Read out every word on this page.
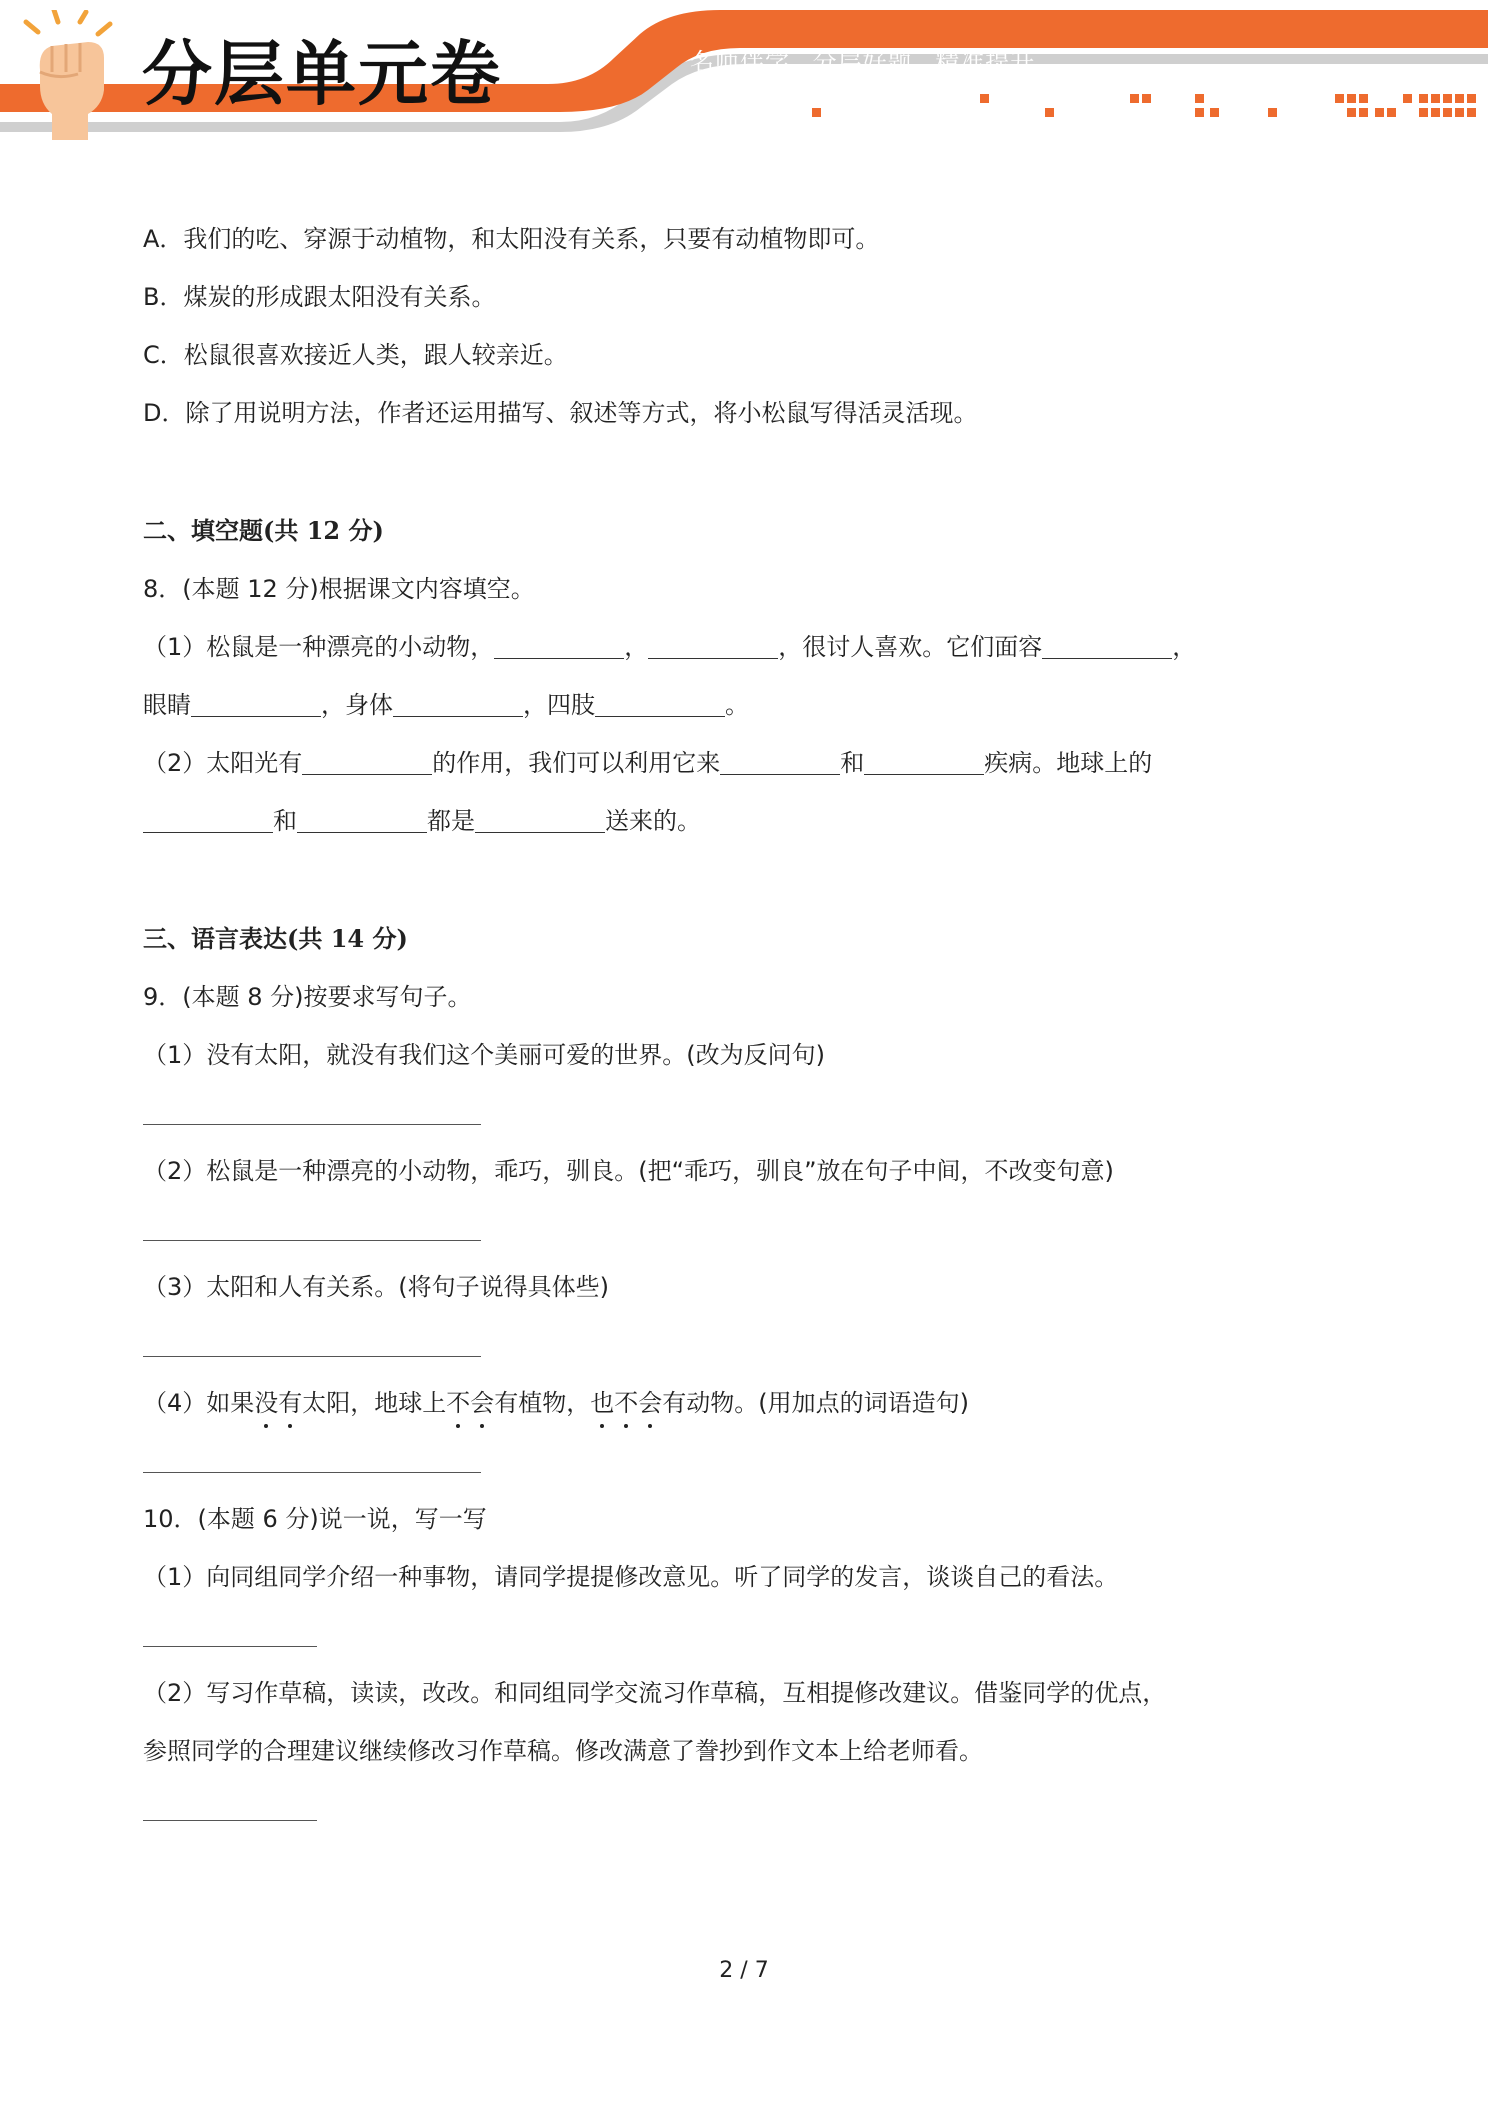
分层单元卷	名师伴学 分层好题 精准提升
A．我们的吃、穿源于动植物，和太阳没有关系，只要有动植物即可。
B．煤炭的形成跟太阳没有关系。
C．松鼠很喜欢接近人类，跟人较亲近。
D．除了用说明方法，作者还运用描写、叙述等方式，将小松鼠写得活灵活现。
二、填空题(共 12 分)
8．(本题 12 分)根据课文内容填空。
（1）松鼠是一种漂亮的小动物，	，	，很讨人喜欢。它们面容	，
眼睛	，身体	，四肢	。
（2）太阳光有	的作用，我们可以利用它来	和	疾病。地球上的
和	都是	送来的。
三、语言表达(共 14 分)
9．(本题 8 分)按要求写句子。
（1）没有太阳，就没有我们这个美丽可爱的世界。(改为反问句)
（2）松鼠是一种漂亮的小动物，乖巧，驯良。(把“乖巧，驯良”放在句子中间，不改变句意)
（3）太阳和人有关系。(将句子说得具体些)
（4）如果没有太阳，地球上不会有植物，也不会有动物。(用加点的词语造句)
10．(本题 6 分)说一说，写一写
（1）向同组同学介绍一种事物，请同学提提修改意见。听了同学的发言，谈谈自己的看法。
（2）写习作草稿，读读，改改。和同组同学交流习作草稿，互相提修改建议。借鉴同学的优点，
参照同学的合理建议继续修改习作草稿。修改满意了誊抄到作文本上给老师看。
2 / 7
